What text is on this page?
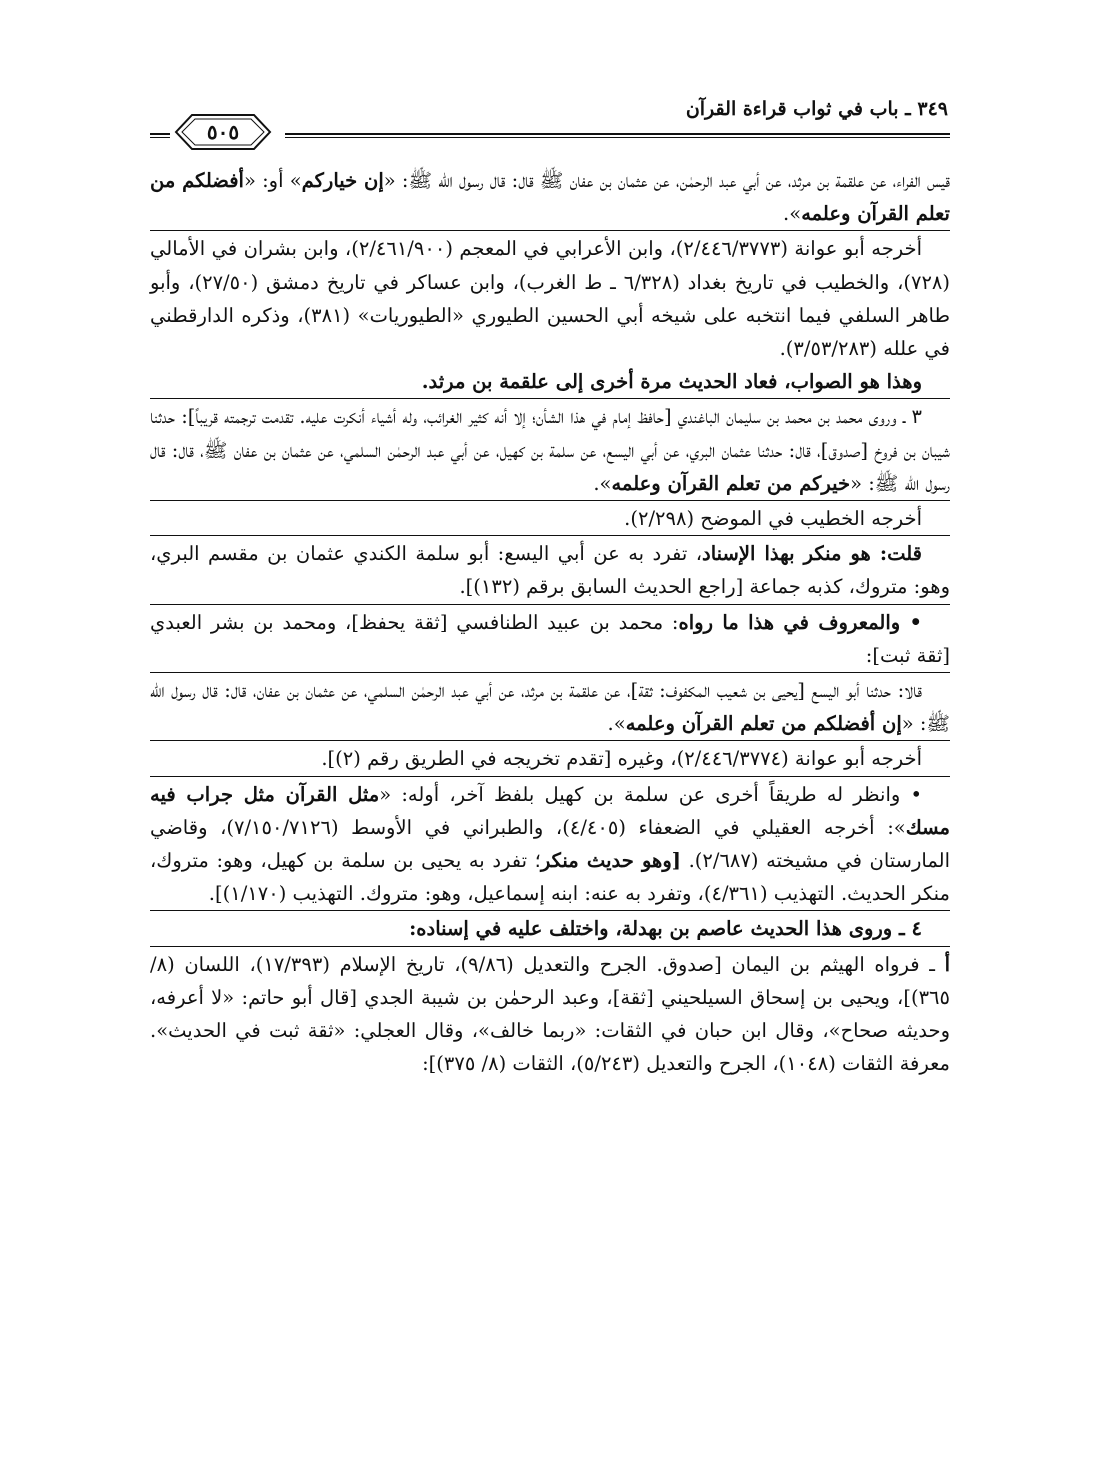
٣٤٩ ـ باب في ثواب قراءة القرآن
٥٠٥

قيس الفراء، عن علقمة بن مرثد، عن أبي عبد الرحمٰن، عن عثمان بن عفان ﷺ قال: قال رسول الله ﷺ: «إن خياركم» أو: «أفضلكم من تعلم القرآن وعلمه».

أخرجه أبو عوانة (٢/٤٤٦/٣٧٧٣)، وابن الأعرابي في المعجم (٢/٤٦١/٩٠٠)، وابن بشران في الأمالي (٧٢٨)، والخطيب في تاريخ بغداد (٦/٣٢٨ ـ ط الغرب)، وابن عساكر في تاريخ دمشق (٢٧/٥٠)، وأبو طاهر السلفي فيما انتخبه على شيخه أبي الحسين الطيوري «الطيوريات» (٣٨١)، وذكره الدارقطني في علله (٣/٥٣/٢٨٣).

وهذا هو الصواب، فعاد الحديث مرة أخرى إلى علقمة بن مرثد.

٣ ـ وروى محمد بن محمد بن سليمان الباغندي [حافظ إمام في هذا الشأن؛ إلا أنه كثير الغرائب، وله أشياء أنكرت عليه. تقدمت ترجمته قريباً]: حدثنا شيبان بن فروخ [صدوق]، قال: حدثنا عثمان البري، عن أبي اليسع، عن سلمة بن كهيل، عن أبي عبد الرحمٰن السلمي، عن عثمان بن عفان ﷺ، قال: قال رسول الله ﷺ: «خيركم من تعلم القرآن وعلمه».

أخرجه الخطيب في الموضح (٢/٢٩٨).

قلت: هو منكر بهذا الإسناد، تفرد به عن أبي اليسع: أبو سلمة الكندي عثمان بن مقسم البري، وهو: متروك، كذبه جماعة [راجع الحديث السابق برقم (١٣٢)].

• والمعروف في هذا ما رواه: محمد بن عبيد الطنافسي [ثقة يحفظ]، ومحمد بن بشر العبدي [ثقة ثبت]:

قالا: حدثنا أبو اليسع [يحيى بن شعيب المكفوف: ثقة]، عن علقمة بن مرثد، عن أبي عبد الرحمٰن السلمي، عن عثمان بن عفان، قال: قال رسول الله ﷺ: «إن أفضلكم من تعلم القرآن وعلمه».

أخرجه أبو عوانة (٢/٤٤٦/٣٧٧٤)، وغيره [تقدم تخريجه في الطريق رقم (٢)].

• وانظر له طريقاً أخرى عن سلمة بن كهيل بلفظ آخر، أوله: «مثل القرآن مثل جراب فيه مسك»: أخرجه العقيلي في الضعفاء (٤/٤٠٥)، والطبراني في الأوسط (٧/١٥٠/٧١٢٦)، وقاضي المارستان في مشيخته (٢/٦٨٧). [وهو حديث منكر؛ تفرد به يحيى بن سلمة بن كهيل، وهو: متروك، منكر الحديث. التهذيب (٤/٣٦١)، وتفرد به عنه: ابنه إسماعيل، وهو: متروك. التهذيب (١/١٧٠)].

٤ ـ وروى هذا الحديث عاصم بن بهدلة، واختلف عليه في إسناده:

أ ـ فرواه الهيثم بن اليمان [صدوق. الجرح والتعديل (٩/٨٦)، تاريخ الإسلام (١٧/٣٩٣)، اللسان (٨/ ٣٦٥)]، ويحيى بن إسحاق السيلحيني [ثقة]، وعبد الرحمٰن بن شيبة الجدي [قال أبو حاتم: «لا أعرفه، وحديثه صحاح»، وقال ابن حبان في الثقات: «ربما خالف»، وقال العجلي: «ثقة ثبت في الحديث». معرفة الثقات (١٠٤٨)، الجرح والتعديل (٥/٢٤٣)، الثقات (٨/ ٣٧٥)]:
